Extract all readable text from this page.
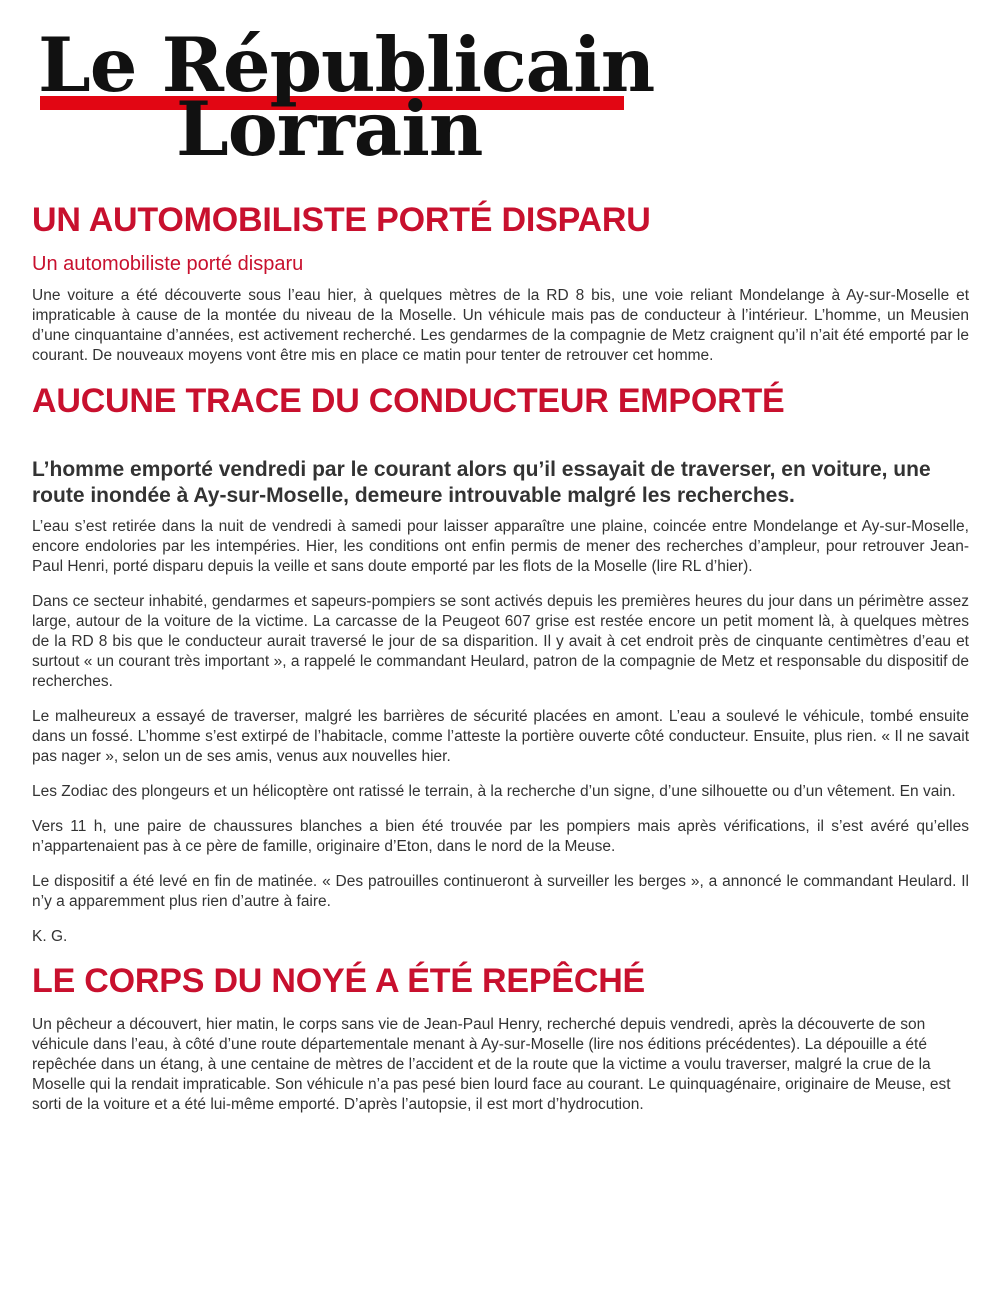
Le Républicain
Lorrain
UN AUTOMOBILISTE PORTÉ DISPARU
Un automobiliste porté disparu

Une voiture a été découverte sous l’eau hier, à quelques mètres de la RD 8 bis, une voie reliant Mondelange à Ay-sur-Moselle et impraticable à cause de la montée du niveau de la Moselle. Un véhicule mais pas de conducteur à l’intérieur. L’homme, un Meusien d’une cinquantaine d’années, est activement recherché. Les gendarmes de la compagnie de Metz craignent qu’il n’ait été emporté par le courant. De nouveaux moyens vont être mis en place ce matin pour tenter de retrouver cet homme.

AUCUNE TRACE DU CONDUCTEUR EMPORTÉ
L’homme emporté vendredi par le courant alors qu’il essayait de traverser, en voiture, une route inondée à Ay-sur-Moselle, demeure introuvable malgré les recherches.

L’eau s’est retirée dans la nuit de vendredi à samedi pour laisser apparaître une plaine, coincée entre Mondelange et Ay-sur-Moselle, encore endolories par les intempéries. Hier, les conditions ont enfin permis de mener des recherches d’ampleur, pour retrouver Jean-Paul Henri, porté disparu depuis la veille et sans doute emporté par les flots de la Moselle (lire RL d’hier).

Dans ce secteur inhabité, gendarmes et sapeurs-pompiers se sont activés depuis les premières heures du jour dans un périmètre assez large, autour de la voiture de la victime. La carcasse de la Peugeot 607 grise est restée encore un petit moment là, à quelques mètres de la RD 8 bis que le conducteur aurait traversé le jour de sa disparition. Il y avait à cet endroit près de cinquante centimètres d’eau et surtout « un courant très important », a rappelé le commandant Heulard, patron de la compagnie de Metz et responsable du dispositif de recherches.

Le malheureux a essayé de traverser, malgré les barrières de sécurité placées en amont. L’eau a soulevé le véhicule, tombé ensuite dans un fossé. L’homme s’est extirpé de l’habitacle, comme l’atteste la portière ouverte côté conducteur. Ensuite, plus rien. « Il ne savait pas nager », selon un de ses amis, venus aux nouvelles hier.

Les Zodiac des plongeurs et un hélicoptère ont ratissé le terrain, à la recherche d’un signe, d’une silhouette ou d’un vêtement. En vain.

Vers 11 h, une paire de chaussures blanches a bien été trouvée par les pompiers mais après vérifications, il s’est avéré qu’elles n’appartenaient pas à ce père de famille, originaire d’Eton, dans le nord de la Meuse.

Le dispositif a été levé en fin de matinée. « Des patrouilles continueront à surveiller les berges », a annoncé le commandant Heulard. Il n’y a apparemment plus rien d’autre à faire.

K. G.

LE CORPS DU NOYÉ A ÉTÉ REPÊCHÉ

Un pêcheur a découvert, hier matin, le corps sans vie de Jean-Paul Henry, recherché depuis vendredi, après la découverte de son véhicule dans l’eau, à côté d’une route départementale menant à Ay-sur-Moselle (lire nos éditions précédentes). La dépouille a été repêchée dans un étang, à une centaine de mètres de l’accident et de la route que la victime a voulu traverser, malgré la crue de la Moselle qui la rendait impraticable. Son véhicule n’a pas pesé bien lourd face au courant. Le quinquagénaire, originaire de Meuse, est sorti de la voiture et a été lui-même emporté. D’après l’autopsie, il est mort d’hydrocution.
